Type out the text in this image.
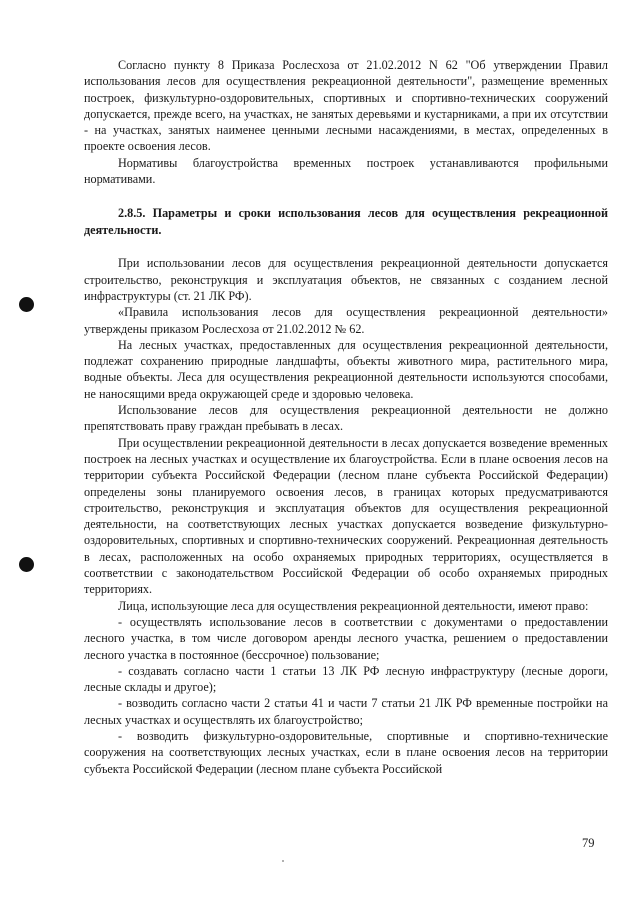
Согласно пункту 8 Приказа Рослесхоза от 21.02.2012 N 62 "Об утверждении Правил использования лесов для осуществления рекреационной деятельности", размещение временных построек, физкультурно-оздоровительных, спортивных и спортивно-технических сооружений допускается, прежде всего, на участках, не занятых деревьями и кустарниками, а при их отсутствии - на участках, занятых наименее ценными лесными насаждениями, в местах, определенных в проекте освоения лесов.

Нормативы благоустройства временных построек устанавливаются профильными нормативами.

2.8.5. Параметры и сроки использования лесов для осуществления рекреационной деятельности.

При использовании лесов для осуществления рекреационной деятельности допускается строительство, реконструкция и эксплуатация объектов, не связанных с созданием лесной инфраструктуры (ст. 21 ЛК РФ).

«Правила использования лесов для осуществления рекреационной деятельности» утверждены приказом Рослесхоза от 21.02.2012 № 62.

На лесных участках, предоставленных для осуществления рекреационной деятельности, подлежат сохранению природные ландшафты, объекты животного мира, растительного мира, водные объекты. Леса для осуществления рекреационной деятельности используются способами, не наносящими вреда окружающей среде и здоровью человека.

Использование лесов для осуществления рекреационной деятельности не должно препятствовать праву граждан пребывать в лесах.

При осуществлении рекреационной деятельности в лесах допускается возведение временных построек на лесных участках и осуществление их благоустройства. Если в плане освоения лесов на территории субъекта Российской Федерации (лесном плане субъекта Российской Федерации) определены зоны планируемого освоения лесов, в границах которых предусматриваются строительство, реконструкция и эксплуатация объектов для осуществления рекреационной деятельности, на соответствующих лесных участках допускается возведение физкультурно-оздоровительных, спортивных и спортивно-технических сооружений. Рекреационная деятельность в лесах, расположенных на особо охраняемых природных территориях, осуществляется в соответствии с законодательством Российской Федерации об особо охраняемых природных территориях.

Лица, использующие леса для осуществления рекреационной деятельности, имеют право:

- осуществлять использование лесов в соответствии с документами о предоставлении лесного участка, в том числе договором аренды лесного участка, решением о предоставлении лесного участка в постоянное (бессрочное) пользование;

- создавать согласно части 1 статьи 13 ЛК РФ лесную инфраструктуру (лесные дороги, лесные склады и другое);

- возводить согласно части 2 статьи 41 и части 7 статьи 21 ЛК РФ временные постройки на лесных участках и осуществлять их благоустройство;

- возводить физкультурно-оздоровительные, спортивные и спортивно-технические сооружения на соответствующих лесных участках, если в плане освоения лесов на территории субъекта Российской Федерации (лесном плане субъекта Российской

79
